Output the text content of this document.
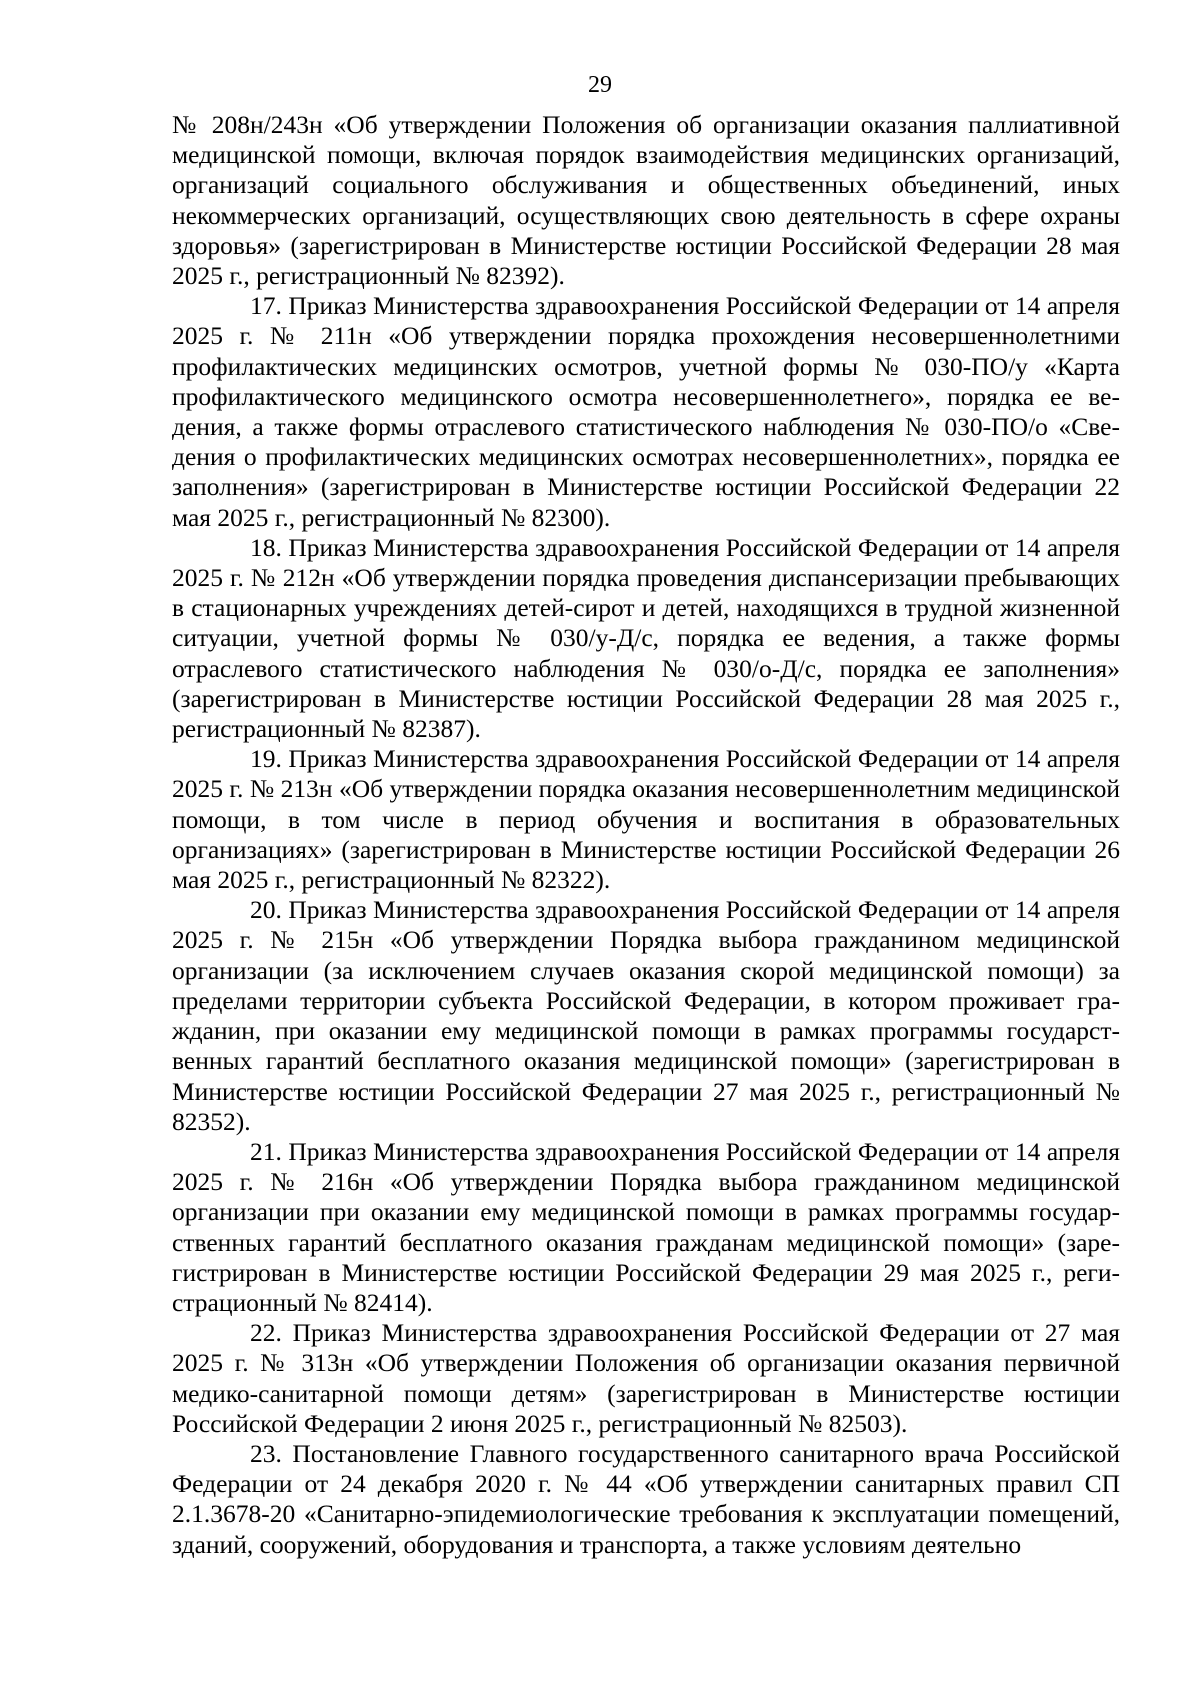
29

№ 208н/243н «Об утверждении Положения об организации оказания паллиативной медицинской помощи, включая порядок взаимодействия медицинских организаций, организаций социального обслуживания и общественных объединений, иных некоммерческих организаций, осуществляющих свою деятельность в сфере охраны здоровья» (зарегистрирован в Министерстве юстиции Российской Федерации 28 мая 2025 г., регистрационный № 82392).

17. Приказ Министерства здравоохранения Российской Федерации от 14 апреля 2025 г. № 211н «Об утверждении порядка прохождения несовершеннолетними профилактических медицинских осмотров, учетной формы № 030-ПО/у «Карта профилактического медицинского осмотра несовершеннолетнего», порядка ее ведения, а также формы отраслевого статистического наблюдения № 030-ПО/о «Сведения о профилактических медицинских осмотрах несовершеннолетних», порядка ее заполнения» (зарегистрирован в Министерстве юстиции Российской Федерации 22 мая 2025 г., регистрационный № 82300).

18. Приказ Министерства здравоохранения Российской Федерации от 14 апреля 2025 г. № 212н «Об утверждении порядка проведения диспансеризации пребывающих в стационарных учреждениях детей-сирот и детей, находящихся в трудной жизненной ситуации, учетной формы № 030/у-Д/с, порядка ее ведения, а также формы отраслевого статистического наблюдения № 030/о-Д/с, порядка ее заполнения» (зарегистрирован в Министерстве юстиции Российской Федерации 28 мая 2025 г., регистрационный № 82387).

19. Приказ Министерства здравоохранения Российской Федерации от 14 апреля 2025 г. № 213н «Об утверждении порядка оказания несовершеннолетним медицинской помощи, в том числе в период обучения и воспитания в образовательных организациях» (зарегистрирован в Министерстве юстиции Российской Федерации 26 мая 2025 г., регистрационный № 82322).

20. Приказ Министерства здравоохранения Российской Федерации от 14 апреля 2025 г. № 215н «Об утверждении Порядка выбора гражданином медицинской организации (за исключением случаев оказания скорой медицинской помощи) за пределами территории субъекта Российской Федерации, в котором проживает гражданин, при оказании ему медицинской помощи в рамках программы государственных гарантий бесплатного оказания медицинской помощи» (зарегистрирован в Министерстве юстиции Российской Федерации 27 мая 2025 г., регистрационный № 82352).

21. Приказ Министерства здравоохранения Российской Федерации от 14 апреля 2025 г. № 216н «Об утверждении Порядка выбора гражданином медицинской организации при оказании ему медицинской помощи в рамках программы государственных гарантий бесплатного оказания гражданам медицинской помощи» (зарегистрирован в Министерстве юстиции Российской Федерации 29 мая 2025 г., регистрационный № 82414).

22. Приказ Министерства здравоохранения Российской Федерации от 27 мая 2025 г. № 313н «Об утверждении Положения об организации оказания первичной медико-санитарной помощи детям» (зарегистрирован в Министерстве юстиции Российской Федерации 2 июня 2025 г., регистрационный № 82503).

23. Постановление Главного государственного санитарного врача Российской Федерации от 24 декабря 2020 г. № 44 «Об утверждении санитарных правил СП 2.1.3678-20 «Санитарно-эпидемиологические требования к эксплуатации помещений, зданий, сооружений, оборудования и транспорта, а также условиям деятельно
